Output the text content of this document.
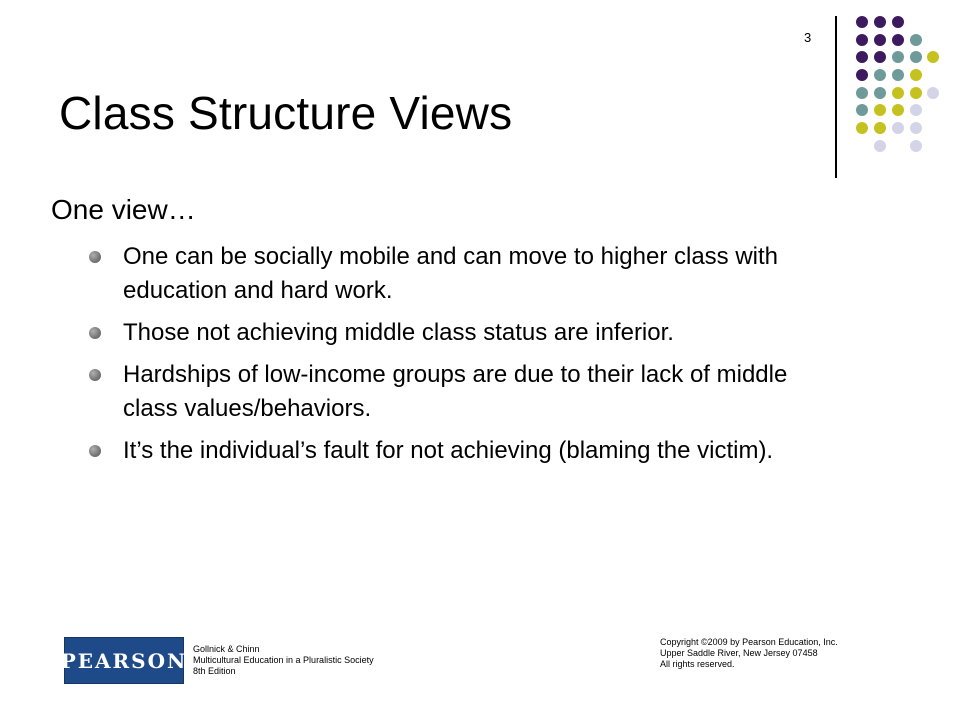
3
Class Structure Views
One view…
One can be socially mobile and can move to higher class with education and hard work.
Those not achieving middle class status are inferior.
Hardships of low-income groups are due to their lack of middle class values/behaviors.
It’s the individual’s fault for not achieving (blaming the victim).
PEARSON Gollnick & Chinn
Multicultural Education in a Pluralistic Society
8th Edition
Copyright ©2009 by Pearson Education, Inc.
Upper Saddle River, New Jersey 07458
All rights reserved.
